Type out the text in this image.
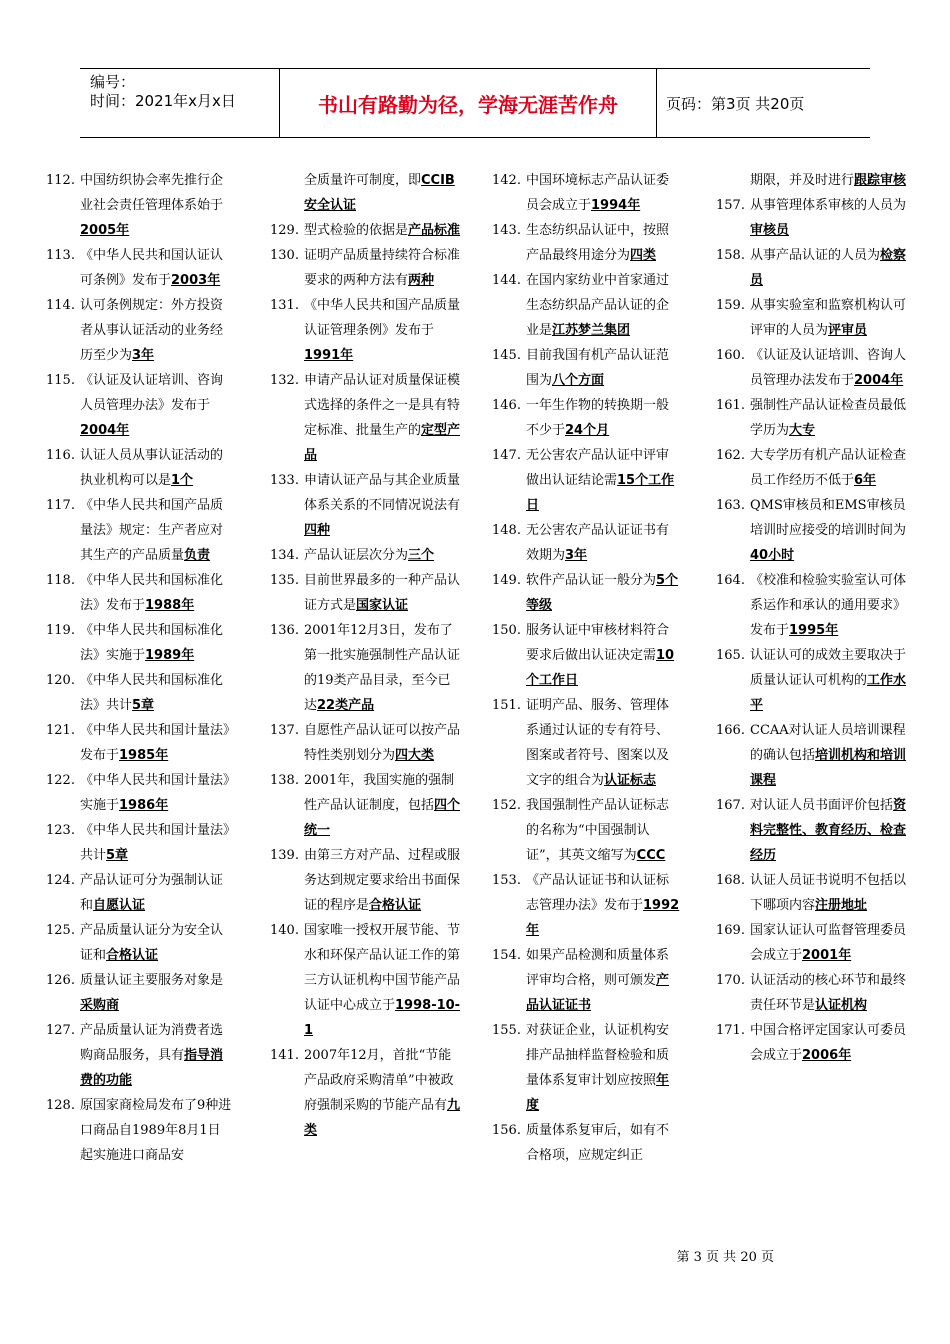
编号：
时间：2021年x月x日	书山有路勤为径，学海无涯苦作舟	页码：第3页 共20页
112. 中国纺织协会率先推行企业社会责任管理体系始于2005年
113. 《中华人民共和国认证认可条例》发布于2003年
114. 认可条例规定：外方投资者从事认证活动的业务经历至少为3年
115. 《认证及认证培训、咨询人员管理办法》发布于2004年
116. 认证人员从事认证活动的执业机构可以是1个
117. 《中华人民共和国产品质量法》规定：生产者应对其生产的产品质量负责
118. 《中华人民共和国标准化法》发布于1988年
119. 《中华人民共和国标准化法》实施于1989年
120. 《中华人民共和国标准化法》共计5章
121. 《中华人民共和国计量法》发布于1985年
122. 《中华人民共和国计量法》实施于1986年
123. 《中华人民共和国计量法》共计5章
124. 产品认证可分为强制认证和自愿认证
125. 产品质量认证分为安全认证和合格认证
126. 质量认证主要服务对象是采购商
127. 产品质量认证为消费者选购商品服务，具有指导消费的功能
128. 原国家商检局发布了9种进口商品自1989年8月1日起实施进口商品安
全质量许可制度，即CCIB安全认证
129. 型式检验的依据是产品标准
130. 证明产品质量持续符合标准要求的两种方法有两种
131. 《中华人民共和国产品质量认证管理条例》发布于1991年
132. 申请产品认证对质量保证模式选择的条件之一是具有特定标准、批量生产的定型产品
133. 申请认证产品与其企业质量体系关系的不同情况说法有四种
134. 产品认证层次分为三个
135. 目前世界最多的一种产品认证方式是国家认证
136. 2001年12月3日，发布了第一批实施强制性产品认证的19类产品目录，至今已达22类产品
137. 自愿性产品认证可以按产品特性类别划分为四大类
138. 2001年，我国实施的强制性产品认证制度，包括四个统一
139. 由第三方对产品、过程或服务达到规定要求给出书面保证的程序是合格认证
140. 国家唯一授权开展节能、节水和环保产品认证工作的第三方认证机构中国节能产品认证中心成立于1998-10-1
141. 2007年12月，首批“节能产品政府采购清单”中被政府强制采购的节能产品有九类
142. 中国环境标志产品认证委员会成立于1994年
143. 生态纺织品认证中，按照产品最终用途分为四类
144. 在国内家纺业中首家通过生态纺织品产品认证的企业是江苏梦兰集团
145. 目前我国有机产品认证范围为八个方面
146. 一年生作物的转换期一般不少于24个月
147. 无公害农产品认证中评审做出认证结论需15个工作日
148. 无公害农产品认证证书有效期为3年
149. 软件产品认证一般分为5个等级
150. 服务认证中审核材料符合要求后做出认证决定需10个工作日
151. 证明产品、服务、管理体系通过认证的专有符号、图案或者符号、图案以及文字的组合为认证标志
152. 我国强制性产品认证标志的名称为“中国强制认证”，其英文缩写为CCC
153. 《产品认证证书和认证标志管理办法》发布于1992年
154. 如果产品检测和质量体系评审均合格，则可颁发产品认证证书
155. 对获证企业，认证机构安排产品抽样监督检验和质量体系复审计划应按照年度
156. 质量体系复审后，如有不合格项，应规定纠正
期限，并及时进行跟踪审核
157. 从事管理体系审核的人员为审核员
158. 从事产品认证的人员为检察员
159. 从事实验室和监察机构认可评审的人员为评审员
160. 《认证及认证培训、咨询人员管理办法发布于2004年
161. 强制性产品认证检查员最低学历为大专
162. 大专学历有机产品认证检查员工作经历不低于6年
163. QMS审核员和EMS审核员培训时应接受的培训时间为40小时
164. 《校准和检验实验室认可体系运作和承认的通用要求》发布于1995年
165. 认证认可的成效主要取决于质量认证认可机构的工作水平
166. CCAA对认证人员培训课程的确认包括培训机构和培训课程
167. 对认证人员书面评价包括资料完整性、教育经历、检查经历
168. 认证人员证书说明不包括以下哪项内容注册地址
169. 国家认证认可监督管理委员会成立于2001年
170. 认证活动的核心环节和最终责任环节是认证机构
171. 中国合格评定国家认可委员会成立于2006年
第 3 页 共 20 页
